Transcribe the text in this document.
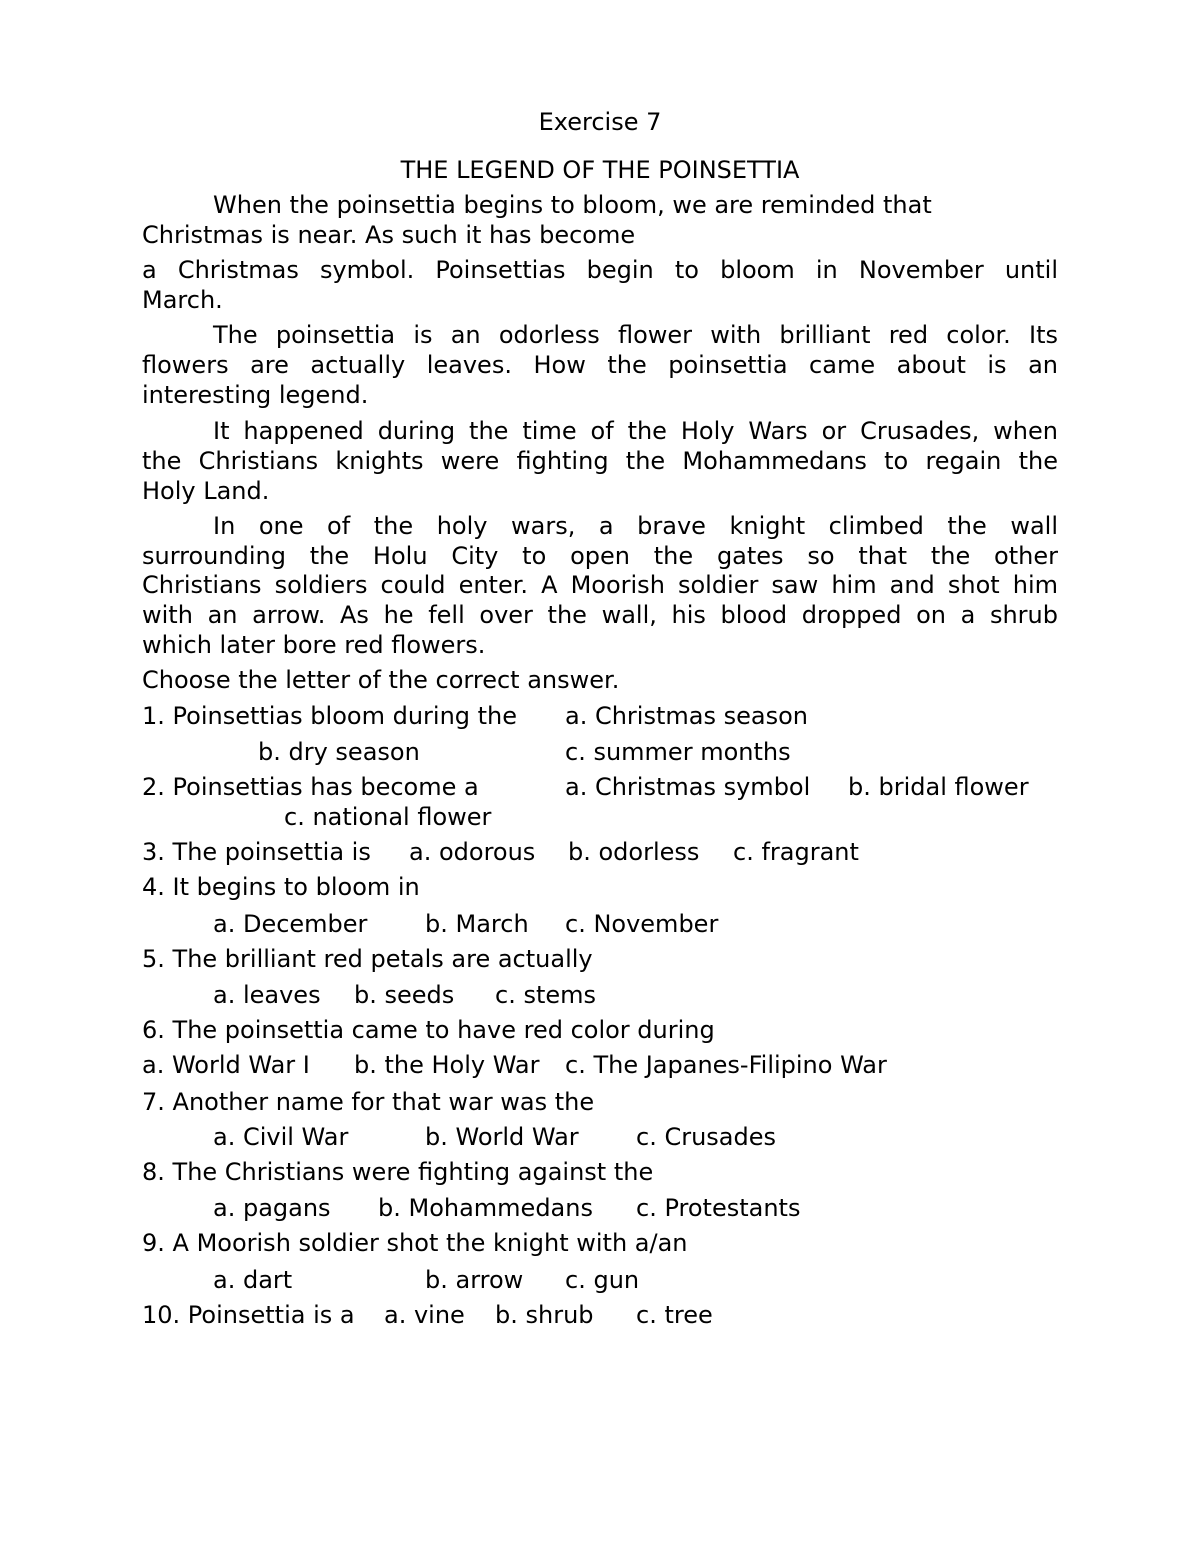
Exercise 7
THE LEGEND OF THE POINSETTIA
When the poinsettia begins to bloom, we are reminded that
Christmas is near. As such it has become
a Christmas symbol. Poinsettias begin to bloom in November until
March.
The poinsettia is an odorless flower with brilliant red color. Its
flowers are actually leaves. How the poinsettia came about is an
interesting legend.
It happened during the time of the Holy Wars or Crusades, when
the Christians knights were fighting the Mohammedans to regain the
Holy Land.
In one of the holy wars, a brave knight climbed the wall
surrounding the Holu City to open the gates so that the other
Christians soldiers could enter. A Moorish soldier saw him and shot him
with an arrow. As he fell over the wall, his blood dropped on a shrub
which later bore red flowers.
Choose the letter of the correct answer.
1. Poinsettias bloom during the a. Christmas season
b. dry season	c. summer months
2. Poinsettias has become a	a. Christmas symbol b. bridal flower
c. national flower
3. The poinsettia is a. odorous b. odorless c. fragrant
4. It begins to bloom in
a. December b. March c. November
5. The brilliant red petals are actually
a. leaves b. seeds c. stems
6. The poinsettia came to have red color during
a. World War I b. the Holy War c. The Japanes-Filipino War
7. Another name for that war was the
a. Civil War	b. World War c. Crusades
8. The Christians were fighting against the
a. pagans b. Mohammedans c. Protestants
9. A Moorish soldier shot the knight with a/an
a. dart	b. arrow c. gun
10. Poinsettia is a a. vine b. shrub c. tree
